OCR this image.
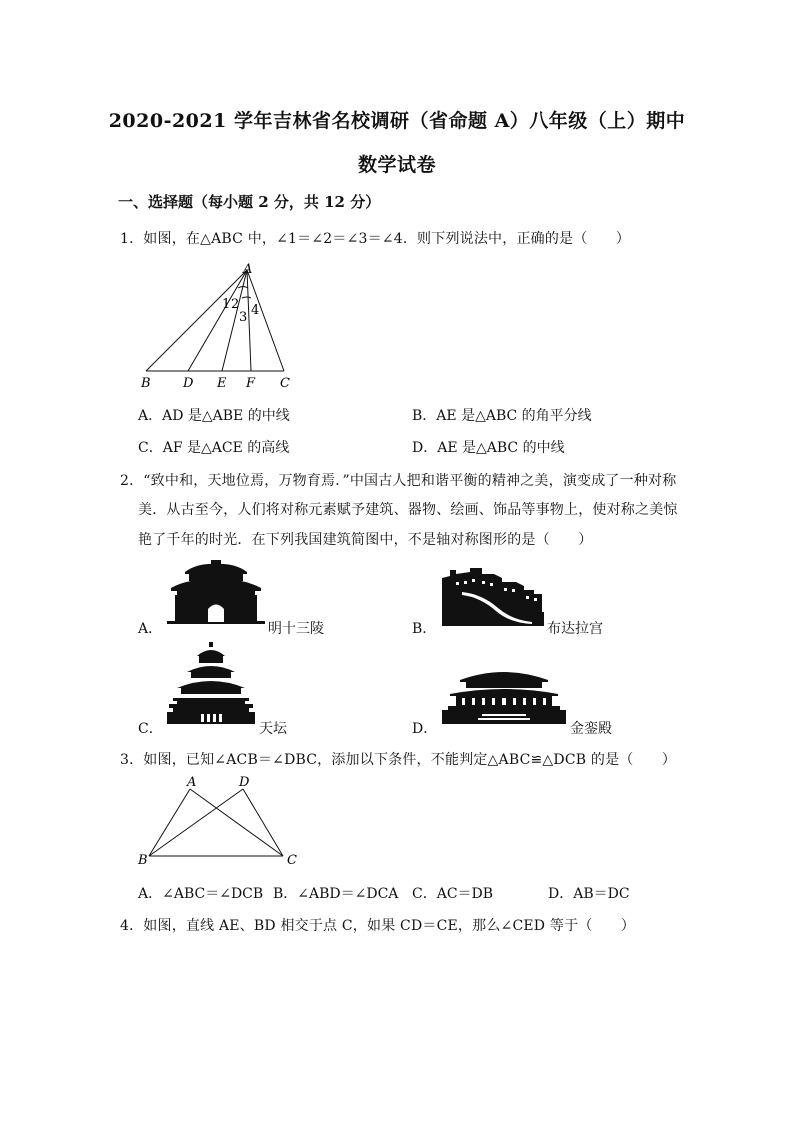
2020-2021 学年吉林省名校调研（省命题 A）八年级（上）期中
数学试卷
一、选择题（每小题 2 分，共 12 分）
1．如图，在△ABC 中，∠1＝∠2＝∠3＝∠4．则下列说法中，正确的是（　　）
A
1 2
3 4
B D E F C
A．AD 是△ABE 的中线	B．AE 是△ABC 的角平分线
C．AF 是△ACE 的高线	D．AE 是△ABC 的中线
2．“致中和，天地位焉，万物育焉．”中国古人把和谐平衡的精神之美，演变成了一种对称
美．从古至今，人们将对称元素赋予建筑、器物、绘画、饰品等事物上，使对称之美惊
艳了千年的时光．在下列我国建筑简图中，不是轴对称图形的是（　　）
A．	明十三陵	B．	布达拉宫
C．	天坛	D．	金銮殿
3．如图，已知∠ACB＝∠DBC，添加以下条件，不能判定△ABC≌△DCB 的是（　　）
A	D
B	C
A．∠ABC＝∠DCB B．∠ABD＝∠DCA C．AC＝DB	D．AB＝DC
4．如图，直线 AE、BD 相交于点 C，如果 CD＝CE，那么∠CED 等于（　　）
